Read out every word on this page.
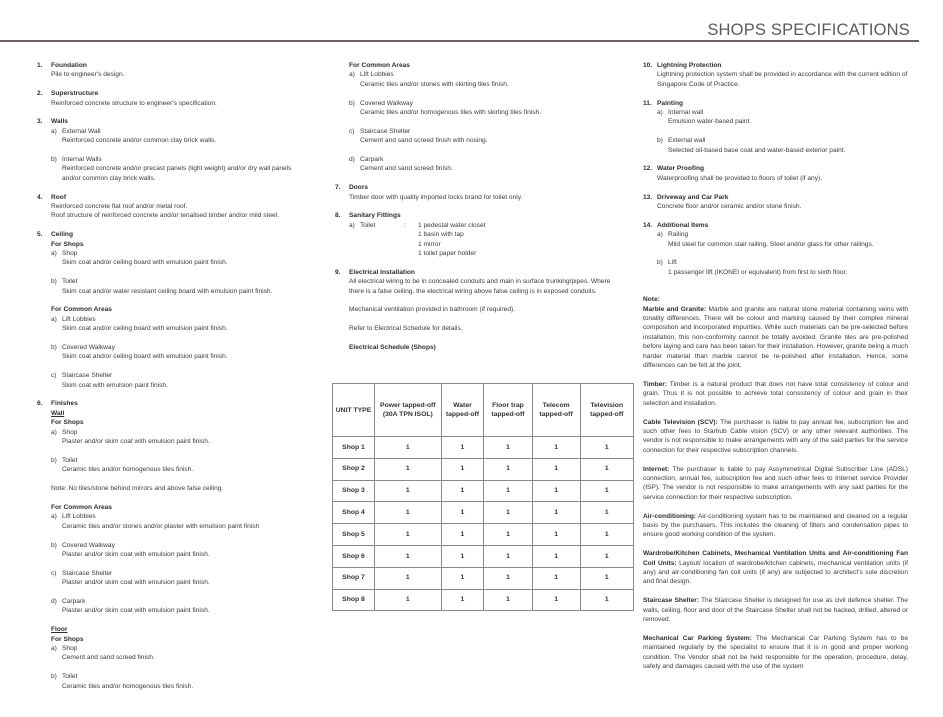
SHOPS SPECIFICATIONS
1. Foundation
Pile to engineer's design.
2. Superstructure
Reinforced concrete structure to engineer's specification.
3. Walls
a) External Wall
Reinforced concrete and/or common clay brick walls.
b) Internal Walls
Reinforced concrete and/or precast panels (light weight) and/or dry wall panels and/or common clay brick walls.
4. Roof
Reinforced concrete flat roof and/or metal roof.
Roof structure of reinforced concrete and/or tenalised timber and/or mild steel.
5. Ceiling
For Shops
a) Shop
Skim coat and/or ceiling board with emulsion paint finish.
b) Toilet
Skim coat and/or water resistant ceiling board with emulsion paint finish.
For Common Areas
a) Lift Lobbies
Skim coat and/or ceiling board with emulsion paint finish.
b) Covered Walkway
Skim coat and/or ceiling board with emulsion paint finish.
c) Staircase Shelter
Skim coat with emulsion paint finish.
6. Finishes
Wall
For Shops
a) Shop
Plaster and/or skim coat with emulsion paint finish.
b) Toilet
Ceramic tiles and/or homogenous tiles finish.
Note: No tiles/stone behind mirrors and above false ceiling.
For Common Areas
a) Lift Lobbies
Ceramic tiles and/or stones and/or plaster with emulsion paint finish
b) Covered Walkway
Plaster and/or skim coat with emulsion paint finish.
c) Staircase Shelter
Plaster and/or skim coat with emulsion paint finish.
d) Carpark
Plaster and/or skim coat with emulsion paint finish.
Floor
For Shops
a) Shop
Cement and sand screed finish.
b) Toilet
Ceramic tiles and/or homogenous tiles finish.
For Common Areas
a) Lift Lobbies
Ceramic tiles and/or stones with skirting tiles finish.
b) Covered Walkway
Ceramic tiles and/or homogenous tiles with skirting tiles finish.
c) Staircase Shelter
Cement and sand screed finish with nosing.
d) Carpark
Cement and sand screed finish.
7. Doors
Timber door with quality imported locks brand for toilet only.
8. Sanitary Fittings
a) Toilet	:	1 pedestal water closet
1 basin with tap
1 mirror
1 toilet paper holder
9. Electrical Installation
All electrical wiring to be in concealed conduits and main in surface trunking/pipes. Where there is a false ceiling, the electrical wiring above false ceiling is in exposed conduits.
Mechanical ventilation provided in bathroom (if required).
Refer to Electrical Schedule for details.
Electrical Schedule (Shops)
UNIT TYPE	Power tapped-off (30A TPN ISOL)	Water tapped-off	Floor trap tapped-off	Telecom tapped-off	Television tapped-off
Shop 1	1	1	1	1	1
Shop 2	1	1	1	1	1
Shop 3	1	1	1	1	1
Shop 4	1	1	1	1	1
Shop 5	1	1	1	1	1
Shop 6	1	1	1	1	1
Shop 7	1	1	1	1	1
Shop 8	1	1	1	1	1
10. Lightning Protection
Lightning protection system shall be provided in accordance with the current edition of Singapore Code of Practice.
11. Painting
a) Internal wall
Emulsion water-based paint.
b) External wall
Selected oil-based base coat and water-based exterior paint.
12. Water Proofing
Waterproofing shall be provided to floors of toilet (if any).
13. Driveway and Car Park
Concrete floor and/or ceramic and/or stone finish.
14. Additional Items
a) Railing
Mild steel for common stair railing. Steel and/or glass for other railings.
b) Lift
1 passenger lift (IKONEI or equivalent) from first to sixth floor.
Note:

Marble and Granite: Marble and granite are natural stone material containing veins with tonality differences. There will be colour and marking caused by their complex mineral composition and incorporated impurities. While such materials can be pre-selected before installation, this non-conformity cannot be totally avoided. Granite tiles are pre-polished before laying and care has been taken for their installation. However, granite being a much harder material than marble cannot be re-polished after installation. Hence, some differences can be felt at the joint.

Timber: Timber is a natural product that does not have total consistency of colour and grain. Thus it is not possible to achieve total consistency of colour and grain in their selection and installation.

Cable Television (SCV): The purchaser is liable to pay annual fee, subscription fee and such other fees to Starhub Cable vision (SCV) or any other relevant authorities. The vendor is not responsible to make arrangements with any of the said parties for the service connection for their respective subscription channels.

Internet: The purchaser is liable to pay Assymmetrical Digital Subscriber Line (ADSL) connection, annual fee, subscription fee and such other fees to Internet service Provider (ISP). The vendor is not responsible to make arrangements with any said parties for the service connection for their respective subscription.

Air-conditioning: Air-conditioning system has to be maintained and cleaned on a regular basis by the purchasers. This includes the cleaning of filters and condensation pipes to ensure good working condition of the system.

Wardrobe/Kitchen Cabinets, Mechanical Ventilation Units and Air-conditioning Fan Coil Units: Layout/ location of wardrobe/kitchen cabinets, mechanical ventilation units (if any) and air-conditioning fan coil units (if any) are subjected to architect's sole discretion and final design.

Staircase Shelter: The Staircase Shelter is designed for use as civil defence shelter. The walls, ceiling, floor and door of the Staircase Shelter shall not be hacked, drilled, altered or removed.

Mechanical Car Parking System: The Mechanical Car Parking System has to be maintained regularly by the specialist to ensure that it is in good and proper working condition. The Vendor shall not be held responsible for the operation, procedure, delay, safety and damages caused with the use of the system
